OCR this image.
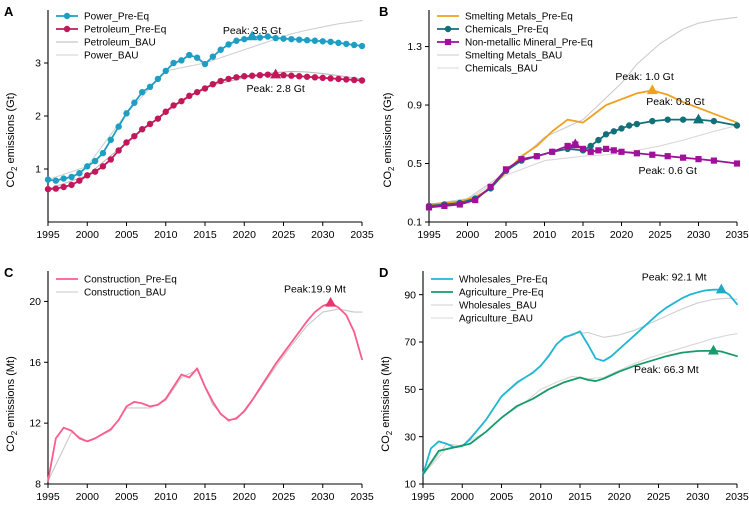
A
1995 2000 2005 2010 2015 2020 2025 2030 2035
1
2
3
$CO_2$ emissions (Gt)
Peak: 3.5 Gt
Peak: 2.8 Gt
Power_Pre-Eq
Petroleum_Pre-Eq
Petroleum_BAU
Power_BAU
B
1995 2000 2005 2010 2015 2020 2025 2030 2035
0.1
0.5
0.9
1.3
$CO_2$ emissions (Gt)
Peak: 1.0 Gt
Peak: 0.8 Gt
Peak: 0.6 Gt
Smelting Metals_Pre-Eq
Chemicals_Pre-Eq
Non-metallic Mineral_Pre-Eq
Smelting Metals_BAU
Chemicals_BAU
C
1995 2000 2005 2010 2015 2020 2025 2030 2035
8
12
16
20
$CO_2$ emissions (Mt)
Peak:19.9 Mt
Construction_Pre-Eq
Construction_BAU
D
1995 2000 2005 2010 2015 2020 2025 2030 2035
10
30
50
70
90
$CO_2$ emissions (Mt)
Peak: 92.1 Mt
Peak: 66.3 Mt
Wholesales_Pre-Eq
Agriculture_Pre-Eq
Wholesales_BAU
Agriculture_BAU
